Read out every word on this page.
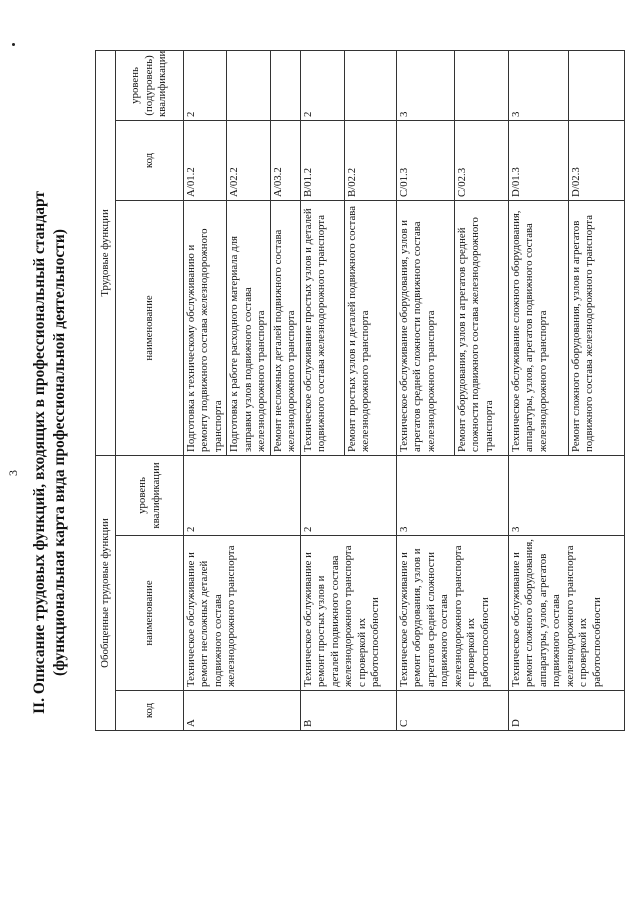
3 II. Описание трудовых функций, входящих в профессиональный стандарт (функциональная карта вида профессиональной деятельности)	Обобщенные трудовые функции			Трудовые функции		
код	наименование	уровень квалификации	наименование	код	уровень (подуровень) квалификации
A	Техническое обслуживание и ремонт несложных деталей подвижного состава железнодорожного транспорта	2	Подготовка к техническому обслуживанию и ремонту подвижного состава железнодорожного транспорта	A/01.2	2
			Подготовка к работе расходного материала для заправки узлов подвижного состава железнодорожного транспорта	A/02.2	
			Ремонт несложных деталей подвижного состава железнодорожного транспорта	A/03.2	
B	Техническое обслуживание и ремонт простых узлов и деталей подвижного состава железнодорожного транспорта с проверкой их работоспособности	2	Техническое обслуживание простых узлов и деталей подвижного состава железнодорожного транспорта	B/01.2	2
			Ремонт простых узлов и деталей подвижного состава железнодорожного транспорта	B/02.2	
C	Техническое обслуживание и ремонт оборудования, узлов и агрегатов средней сложности подвижного состава железнодорожного транспорта с проверкой их работоспособности	3	Техническое обслуживание оборудования, узлов и агрегатов средней сложности подвижного состава железнодорожного транспорта	C/01.3	3
			Ремонт оборудования, узлов и агрегатов средней сложности подвижного состава железнодорожного транспорта	C/02.3	
D	Техническое обслуживание и ремонт сложного оборудования, аппаратуры, узлов, агрегатов подвижного состава железнодорожного транспорта с проверкой их работоспособности	3	Техническое обслуживание сложного оборудования, аппаратуры, узлов, агрегатов подвижного состава железнодорожного транспорта	D/01.3	3
			Ремонт сложного оборудования, узлов и агрегатов подвижного состава железнодорожного транспорта	D/02.3	
